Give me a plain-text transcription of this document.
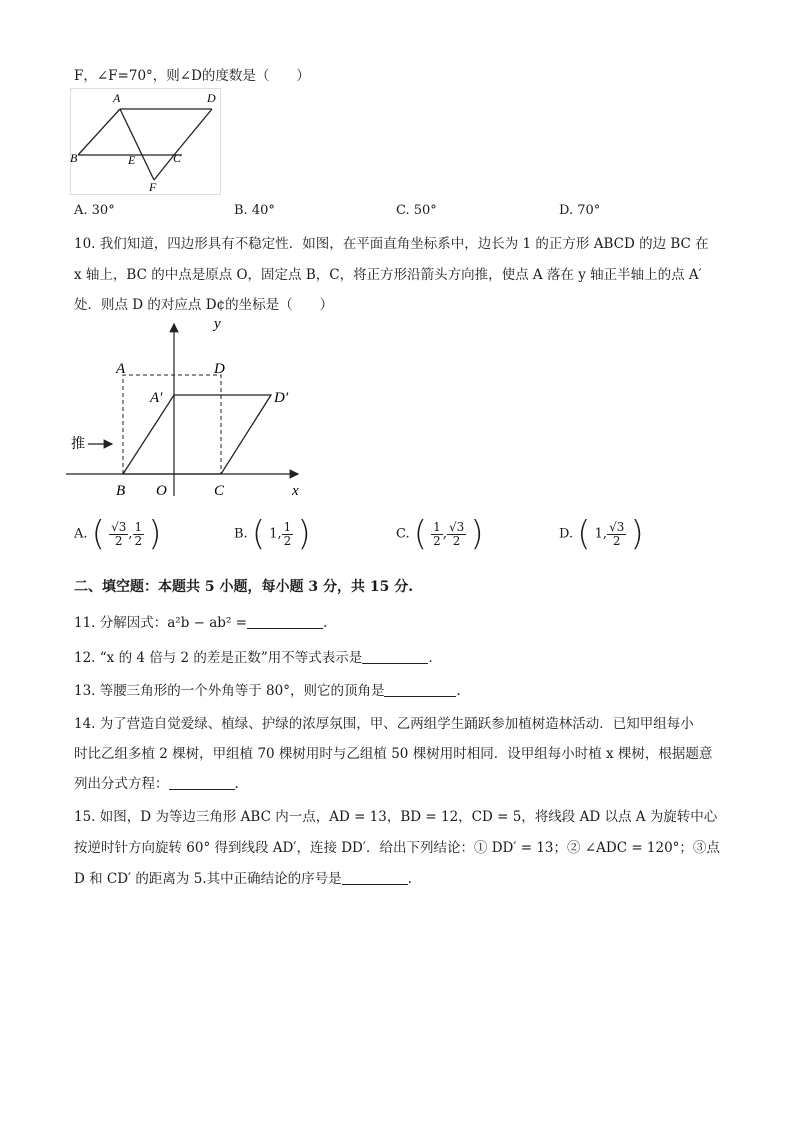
F，∠F=70°，则∠D的度数是（　　）
A	D
B	E	C
F
A. 30°	B. 40°	C. 50°	D. 70°
10. 我们知道，四边形具有不稳定性．如图，在平面直角坐标系中，边长为 1 的正方形 ABCD 的边 BC 在
x 轴上，BC 的中点是原点 O，固定点 B，C，将正方形沿箭头方向推，使点 A 落在 y 轴正半轴上的点 A′
处．则点 D 的对应点 D¢的坐标是（　　）
y
x
A	D
A′	D′
推
B O	C
A. ( $\frac{√3}{2}$ , $\frac{1}{2}$ )	B. ( 1, $\frac{1}{2}$ )	C. ( $\frac{1}{2}$ , $\frac{√3}{2}$ )	D. ( 1, $\frac{√3}{2}$ )
二、填空题：本题共 5 小题，每小题 3 分，共 15 分.
11. 分解因式：a²b − ab² =	.
12. “x 的 4 倍与 2 的差是正数”用不等式表示是	.
13. 等腰三角形的一个外角等于 80°，则它的顶角是	.
14. 为了营造自觉爱绿、植绿、护绿的浓厚氛围，甲、乙两组学生踊跃参加植树造林活动．已知甲组每小
时比乙组多植 2 棵树，甲组植 70 棵树用时与乙组植 50 棵树用时相同．设甲组每小时植 x 棵树，根据题意
列出分式方程：	.
15. 如图，D 为等边三角形 ABC 内一点，AD = 13，BD = 12，CD = 5，将线段 AD 以点 A 为旋转中心
按逆时针方向旋转 60° 得到线段 AD′，连接 DD′．给出下列结论：① DD′ = 13；② ∠ADC = 120°；③点
D 和 CD′ 的距离为 5.其中正确结论的序号是	.
